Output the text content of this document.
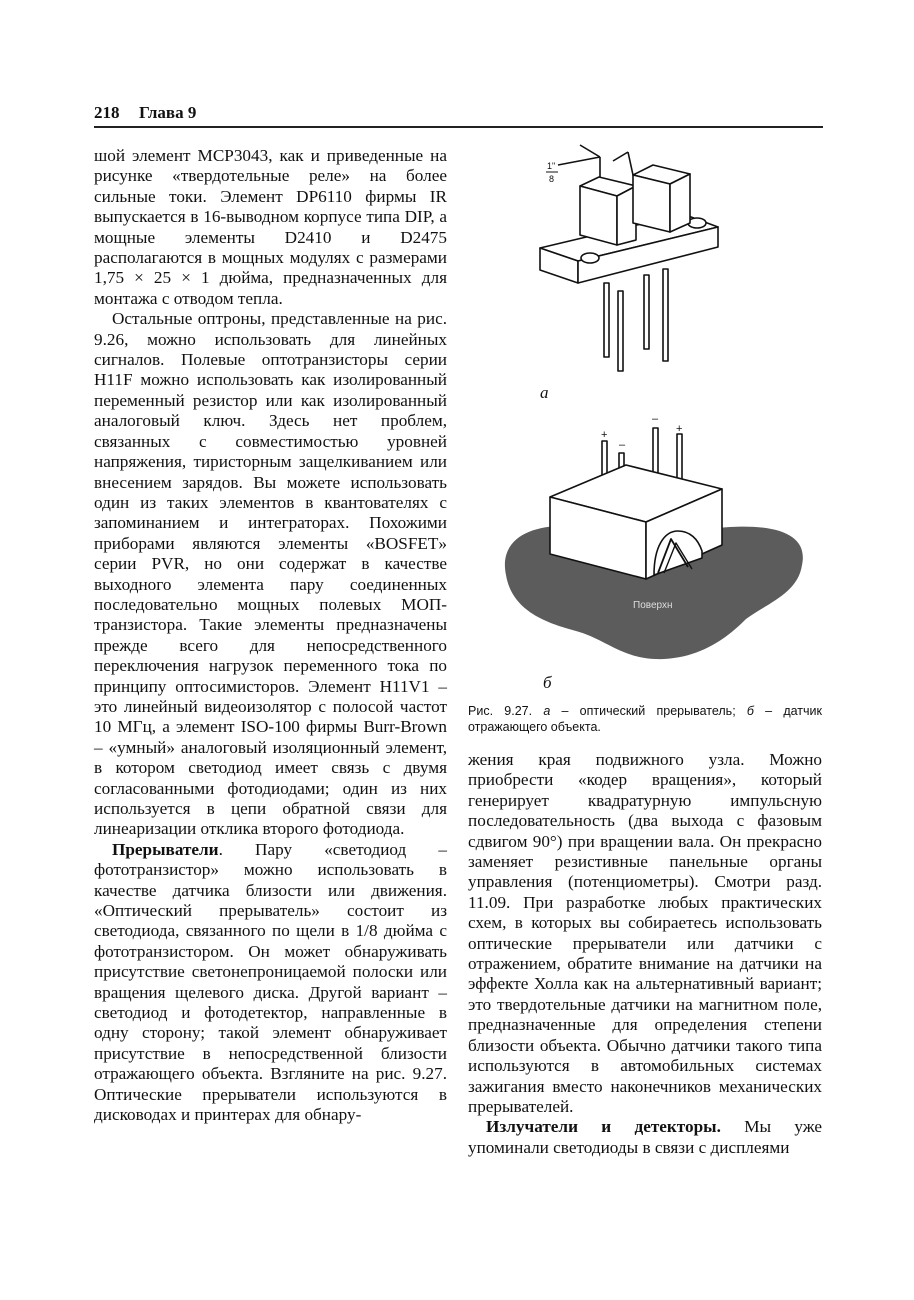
218 Глава 9

шой элемент МСР3043, как и приведенные на рисунке «твердотельные реле» на более сильные токи. Элемент DP6110 фирмы IR выпускается в 16-выводном корпусе типа DIP, а мощные элементы D2410 и D2475 располагаются в мощных модулях с размерами 1,75 × 25 × 1 дюйма, предназначенных для монтажа с отводом тепла.

Остальные оптроны, представленные на рис. 9.26, можно использовать для линейных сигналов. Полевые оптотранзисторы серии H11F можно использовать как изолированный переменный резистор или как изолированный аналоговый ключ. Здесь нет проблем, связанных с совместимостью уровней напряжения, тиристорным защелкиванием или внесением зарядов. Вы можете использовать один из таких элементов в квантователях с запоминанием и интеграторах. Похожими приборами являются элементы «BOSFET» серии PVR, но они содержат в качестве выходного элемента пару соединенных последовательно мощных полевых МОП-транзистора. Такие элементы предназначены прежде всего для непосредственного переключения нагрузок переменного тока по принципу оптосимисторов. Элемент H11V1 – это линейный видеоизолятор с полосой частот 10 МГц, а элемент ISO-100 фирмы Burr-Brown – «умный» аналоговый изоляционный элемент, в котором светодиод имеет связь с двумя согласованными фотодиодами; один из них используется в цепи обратной связи для линеаризации отклика второго фотодиода.

Прерыватели. Пару «светодиод – фототранзистор» можно использовать в качестве датчика близости или движения. «Оптический прерыватель» состоит из светодиода, связанного по щели в 1/8 дюйма с фототранзистором. Он может обнаруживать присутствие светонепроницаемой полоски или вращения щелевого диска. Другой вариант – светодиод и фотодетектор, направленные в одну сторону; такой элемент обнаруживает присутствие в непосредственной близости отражающего объекта. Взгляните на рис. 9.27. Оптические прерыватели используются в дисководах и принтерах для обнару-

1"
8
+
–
–
+
Поверхн
а
б
Рис. 9.27. а – оптический прерыватель; б – датчик отражающего объекта.

жения края подвижного узла. Можно приобрести «кодер вращения», который генерирует квадратурную импульсную последовательность (два выхода с фазовым сдвигом 90°) при вращении вала. Он прекрасно заменяет резистивные панельные органы управления (потенциометры). Смотри разд. 11.09. При разработке любых практических схем, в которых вы собираетесь использовать оптические прерыватели или датчики с отражением, обратите внимание на датчики на эффекте Холла как на альтернативный вариант; это твердотельные датчики на магнитном поле, предназначенные для определения степени близости объекта. Обычно датчики такого типа используются в автомобильных системах зажигания вместо наконечников механических прерывателей.

Излучатели и детекторы. Мы уже упоминали светодиоды в связи с дисплеями
